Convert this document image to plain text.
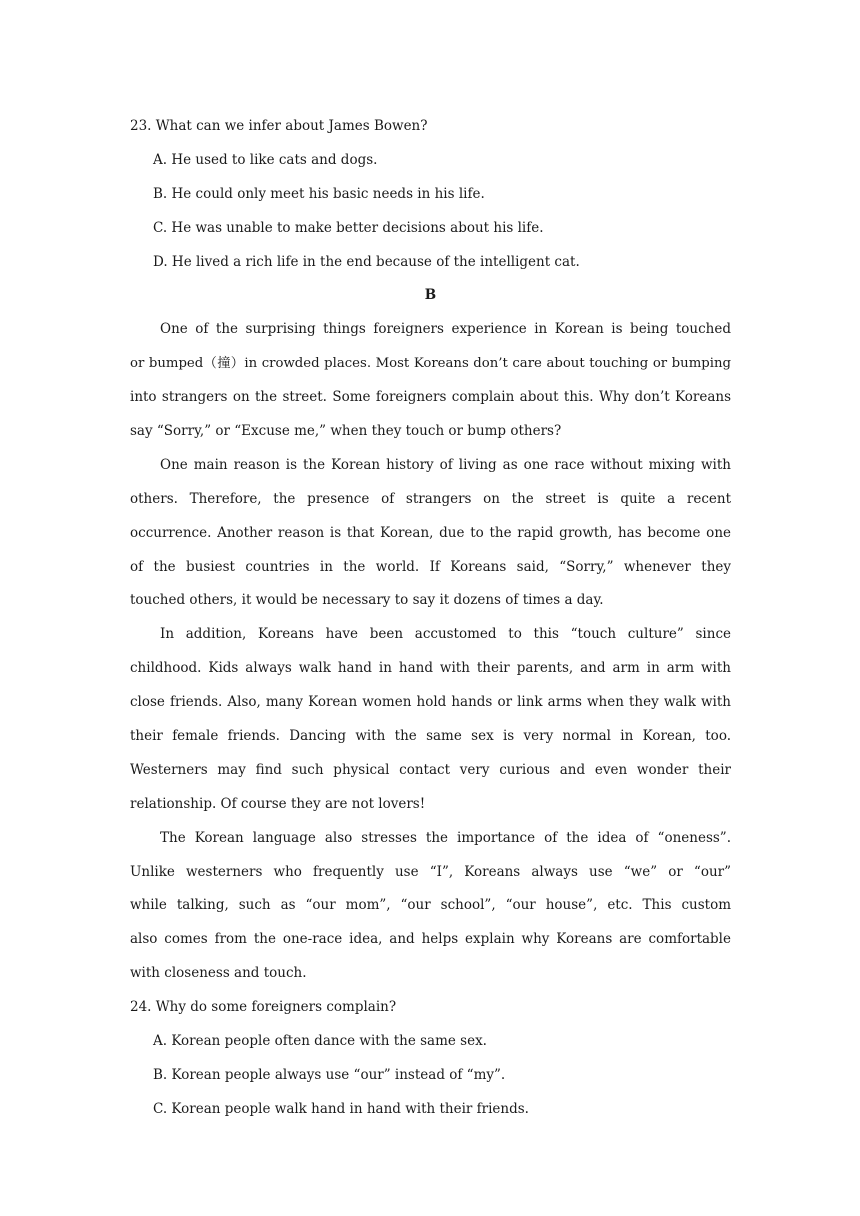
23. What can we infer about James Bowen?
A. He used to like cats and dogs.
B. He could only meet his basic needs in his life.
C. He was unable to make better decisions about his life.
D. He lived a rich life in the end because of the intelligent cat.
B
One of the surprising things foreigners experience in Korean is being touched
or bumped（撞）in crowded places. Most Koreans don’t care about touching or bumping
into strangers on the street. Some foreigners complain about this. Why don’t Koreans
say “Sorry,” or “Excuse me,” when they touch or bump others?
One main reason is the Korean history of living as one race without mixing with
others. Therefore, the presence of strangers on the street is quite a recent
occurrence. Another reason is that Korean, due to the rapid growth, has become one
of the busiest countries in the world. If Koreans said, “Sorry,” whenever they
touched others, it would be necessary to say it dozens of times a day.
In addition, Koreans have been accustomed to this “touch culture” since
childhood. Kids always walk hand in hand with their parents, and arm in arm with
close friends. Also, many Korean women hold hands or link arms when they walk with
their female friends. Dancing with the same sex is very normal in Korean, too.
Westerners may find such physical contact very curious and even wonder their
relationship. Of course they are not lovers!
The Korean language also stresses the importance of the idea of “oneness”.
Unlike westerners who frequently use “I”, Koreans always use “we” or “our”
while talking, such as “our mom”, “our school”, “our house”, etc. This custom
also comes from the one-race idea, and helps explain why Koreans are comfortable
with closeness and touch.
24. Why do some foreigners complain?
A. Korean people often dance with the same sex.
B. Korean people always use “our” instead of “my”.
C. Korean people walk hand in hand with their friends.
